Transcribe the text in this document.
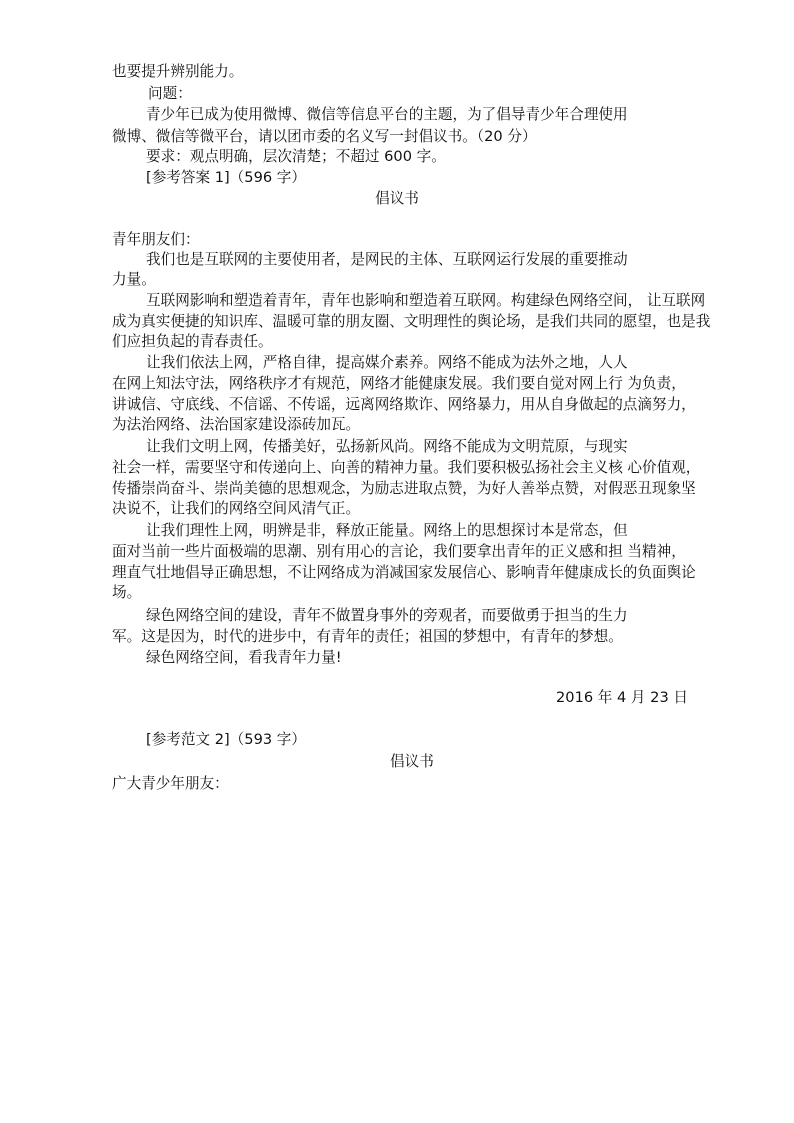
也要提升辨别能力。
问题：
青少年已成为使用微博、微信等信息平台的主题，为了倡导青少年合理使用
微博、微信等微平台，请以团市委的名义写一封倡议书。（20 分）
要求：观点明确，层次清楚；不超过 600 字。
[参考答案 1]（596 字）
倡议书
青年朋友们：
我们也是互联网的主要使用者，是网民的主体、互联网运行发展的重要推动
力量。
互联网影响和塑造着青年，青年也影响和塑造着互联网。构建绿色网络空间， 让互联网
成为真实便捷的知识库、温暖可靠的朋友圈、文明理性的舆论场，是我们共同的愿望，也是我
们应担负起的青春责任。
让我们依法上网，严格自律，提高媒介素养。网络不能成为法外之地，人人
在网上知法守法，网络秩序才有规范，网络才能健康发展。我们要自觉对网上行 为负责，
讲诚信、守底线、不信谣、不传谣，远离网络欺诈、网络暴力，用从自身做起的点滴努力，
为法治网络、法治国家建设添砖加瓦。
让我们文明上网，传播美好，弘扬新风尚。网络不能成为文明荒原，与现实
社会一样，需要坚守和传递向上、向善的精神力量。我们要积极弘扬社会主义核 心价值观，
传播崇尚奋斗、崇尚美德的思想观念，为励志进取点赞，为好人善举点赞，对假恶丑现象坚
决说不，让我们的网络空间风清气正。
让我们理性上网，明辨是非，释放正能量。网络上的思想探讨本是常态，但
面对当前一些片面极端的思潮、别有用心的言论，我们要拿出青年的正义感和担 当精神，
理直气壮地倡导正确思想，不让网络成为消减国家发展信心、影响青年健康成长的负面舆论
场。
绿色网络空间的建设，青年不做置身事外的旁观者，而要做勇于担当的生力
军。这是因为，时代的进步中，有青年的责任；祖国的梦想中，有青年的梦想。
绿色网络空间，看我青年力量!
2016 年 4 月 23 日
[参考范文 2]（593 字）
倡议书
广大青少年朋友：
